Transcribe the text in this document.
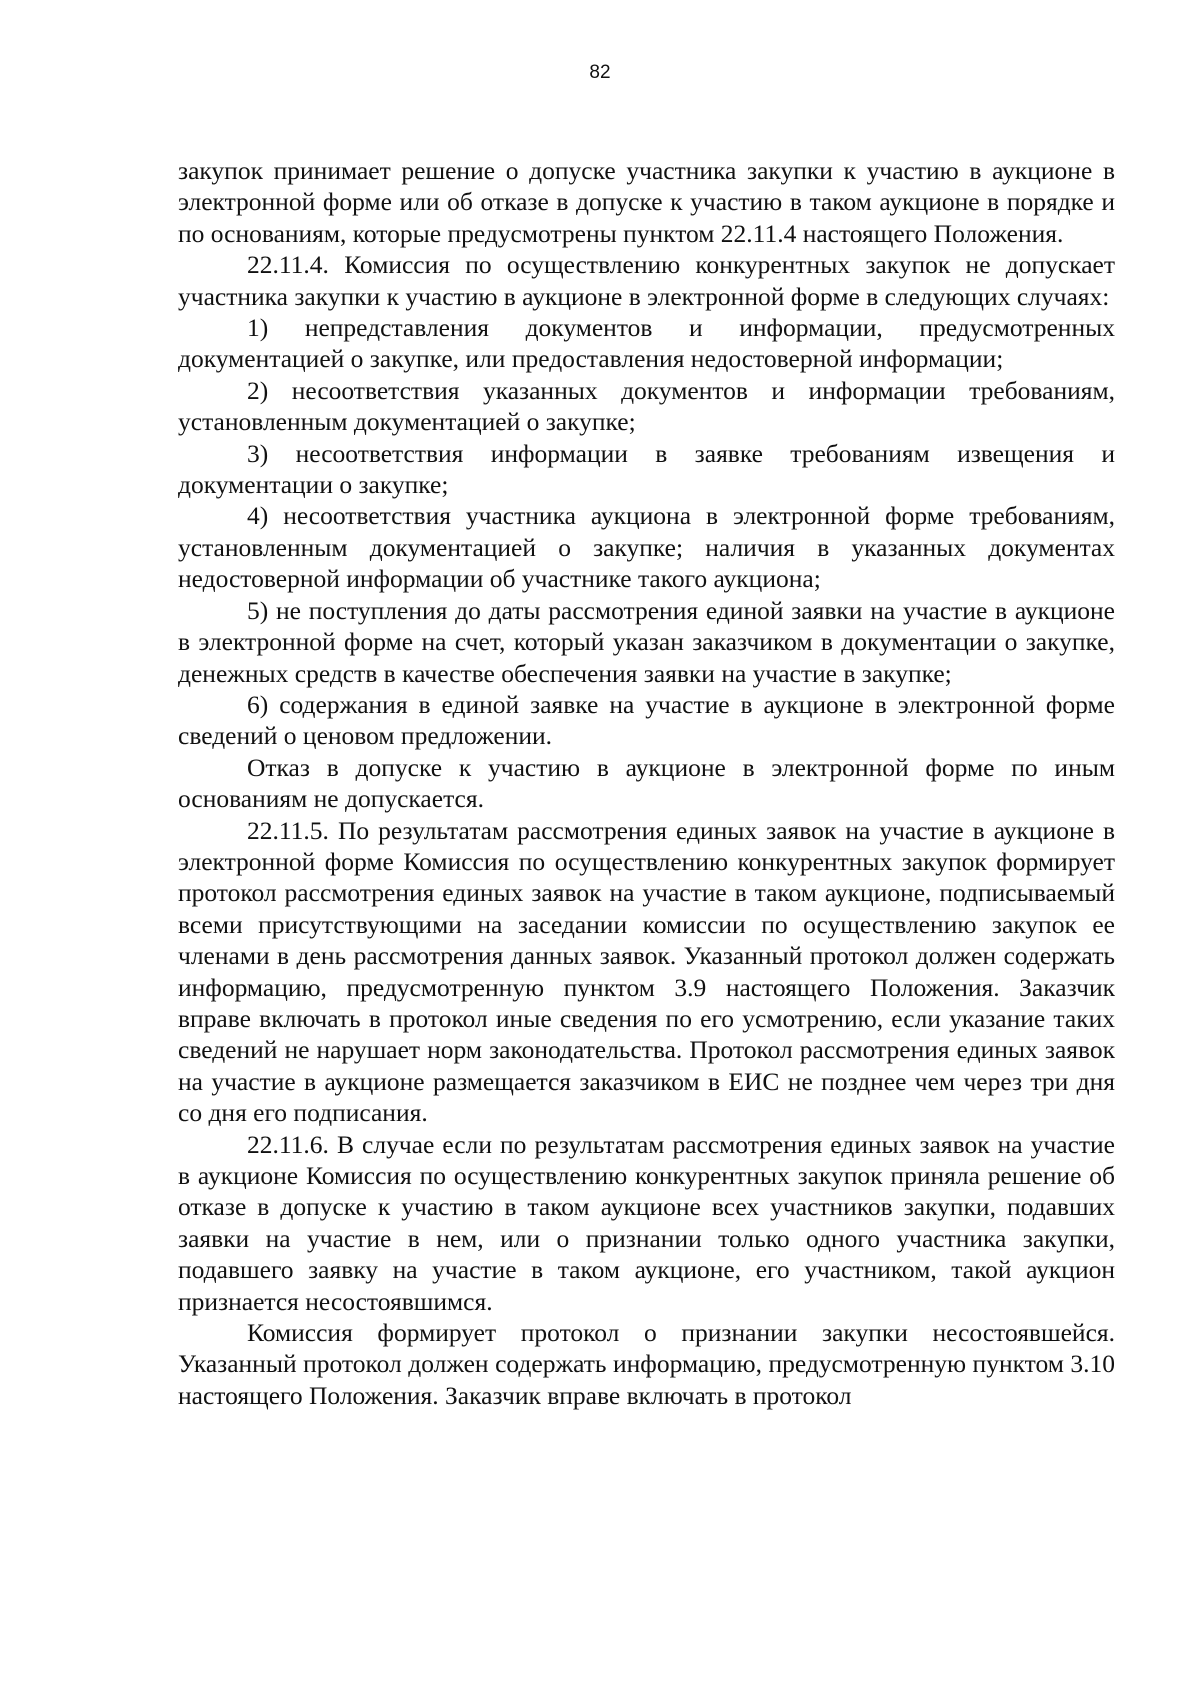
82

закупок принимает решение о допуске участника закупки к участию в аукционе в электронной форме или об отказе в допуске к участию в таком аукционе в порядке и по основаниям, которые предусмотрены пунктом 22.11.4 настоящего Положения.

22.11.4. Комиссия по осуществлению конкурентных закупок не допускает участника закупки к участию в аукционе в электронной форме в следующих случаях:

1) непредставления документов и информации, предусмотренных документацией о закупке, или предоставления недостоверной информации;

2) несоответствия указанных документов и информации требованиям, установленным документацией о закупке;

3) несоответствия информации в заявке требованиям извещения и документации о закупке;

4) несоответствия участника аукциона в электронной форме требованиям, установленным документацией о закупке; наличия в указанных документах недостоверной информации об участнике такого аукциона;

5) не поступления до даты рассмотрения единой заявки на участие в аукционе в электронной форме на счет, который указан заказчиком в документации о закупке, денежных средств в качестве обеспечения заявки на участие в закупке;

6) содержания в единой заявке на участие в аукционе в электронной форме сведений о ценовом предложении.

Отказ в допуске к участию в аукционе в электронной форме по иным основаниям не допускается.

22.11.5. По результатам рассмотрения единых заявок на участие в аукционе в электронной форме Комиссия по осуществлению конкурентных закупок формирует протокол рассмотрения единых заявок на участие в таком аукционе, подписываемый всеми присутствующими на заседании комиссии по осуществлению закупок ее членами в день рассмотрения данных заявок. Указанный протокол должен содержать информацию, предусмотренную пунктом 3.9 настоящего Положения. Заказчик вправе включать в протокол иные сведения по его усмотрению, если указание таких сведений не нарушает норм законодательства. Протокол рассмотрения единых заявок на участие в аукционе размещается заказчиком в ЕИС не позднее чем через три дня со дня его подписания.

22.11.6. В случае если по результатам рассмотрения единых заявок на участие в аукционе Комиссия по осуществлению конкурентных закупок приняла решение об отказе в допуске к участию в таком аукционе всех участников закупки, подавших заявки на участие в нем, или о признании только одного участника закупки, подавшего заявку на участие в таком аукционе, его участником, такой аукцион признается несостоявшимся.

Комиссия формирует протокол о признании закупки несостоявшейся. Указанный протокол должен содержать информацию, предусмотренную пунктом 3.10 настоящего Положения. Заказчик вправе включать в протокол
